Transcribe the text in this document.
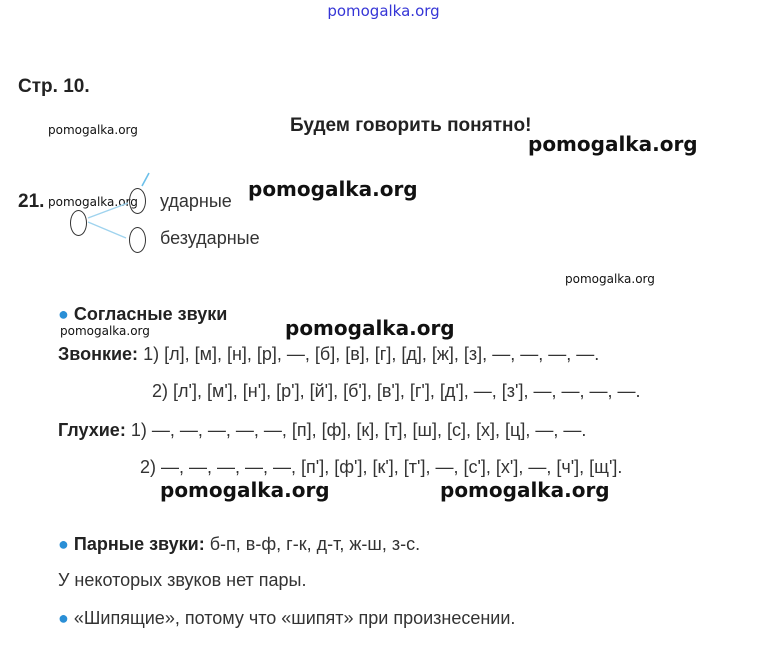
pomogalka.org
pomogalka.org
pomogalka.org
pomogalka.org
pomogalka.org
pomogalka.org
pomogalka.org	pomogalka.org
pomogalka.org	pomogalka.org
Стр. 10.
Будем говорить понятно!
21.	ударные
безударные
● Согласные звуки
Звонкие: 1) [л], [м], [н], [р], —, [б], [в], [г], [д], [ж], [з], —, —, —, —.
2) [л'], [м'], [н'], [р'], [й'], [б'], [в'], [г'], [д'], —, [з'], —, —, —, —.
Глухие: 1) —, —, —, —, —, [п], [ф], [к], [т], [ш], [с], [х], [ц], —, —.
2) —, —, —, —, —, [п'], [ф'], [к'], [т'], —, [с'], [х'], —, [ч'], [щ'].
● Парные звуки: б-п, в-ф, г-к, д-т, ж-ш, з-с.
У некоторых звуков нет пары.
● «Шипящие», потому что «шипят» при произнесении.
